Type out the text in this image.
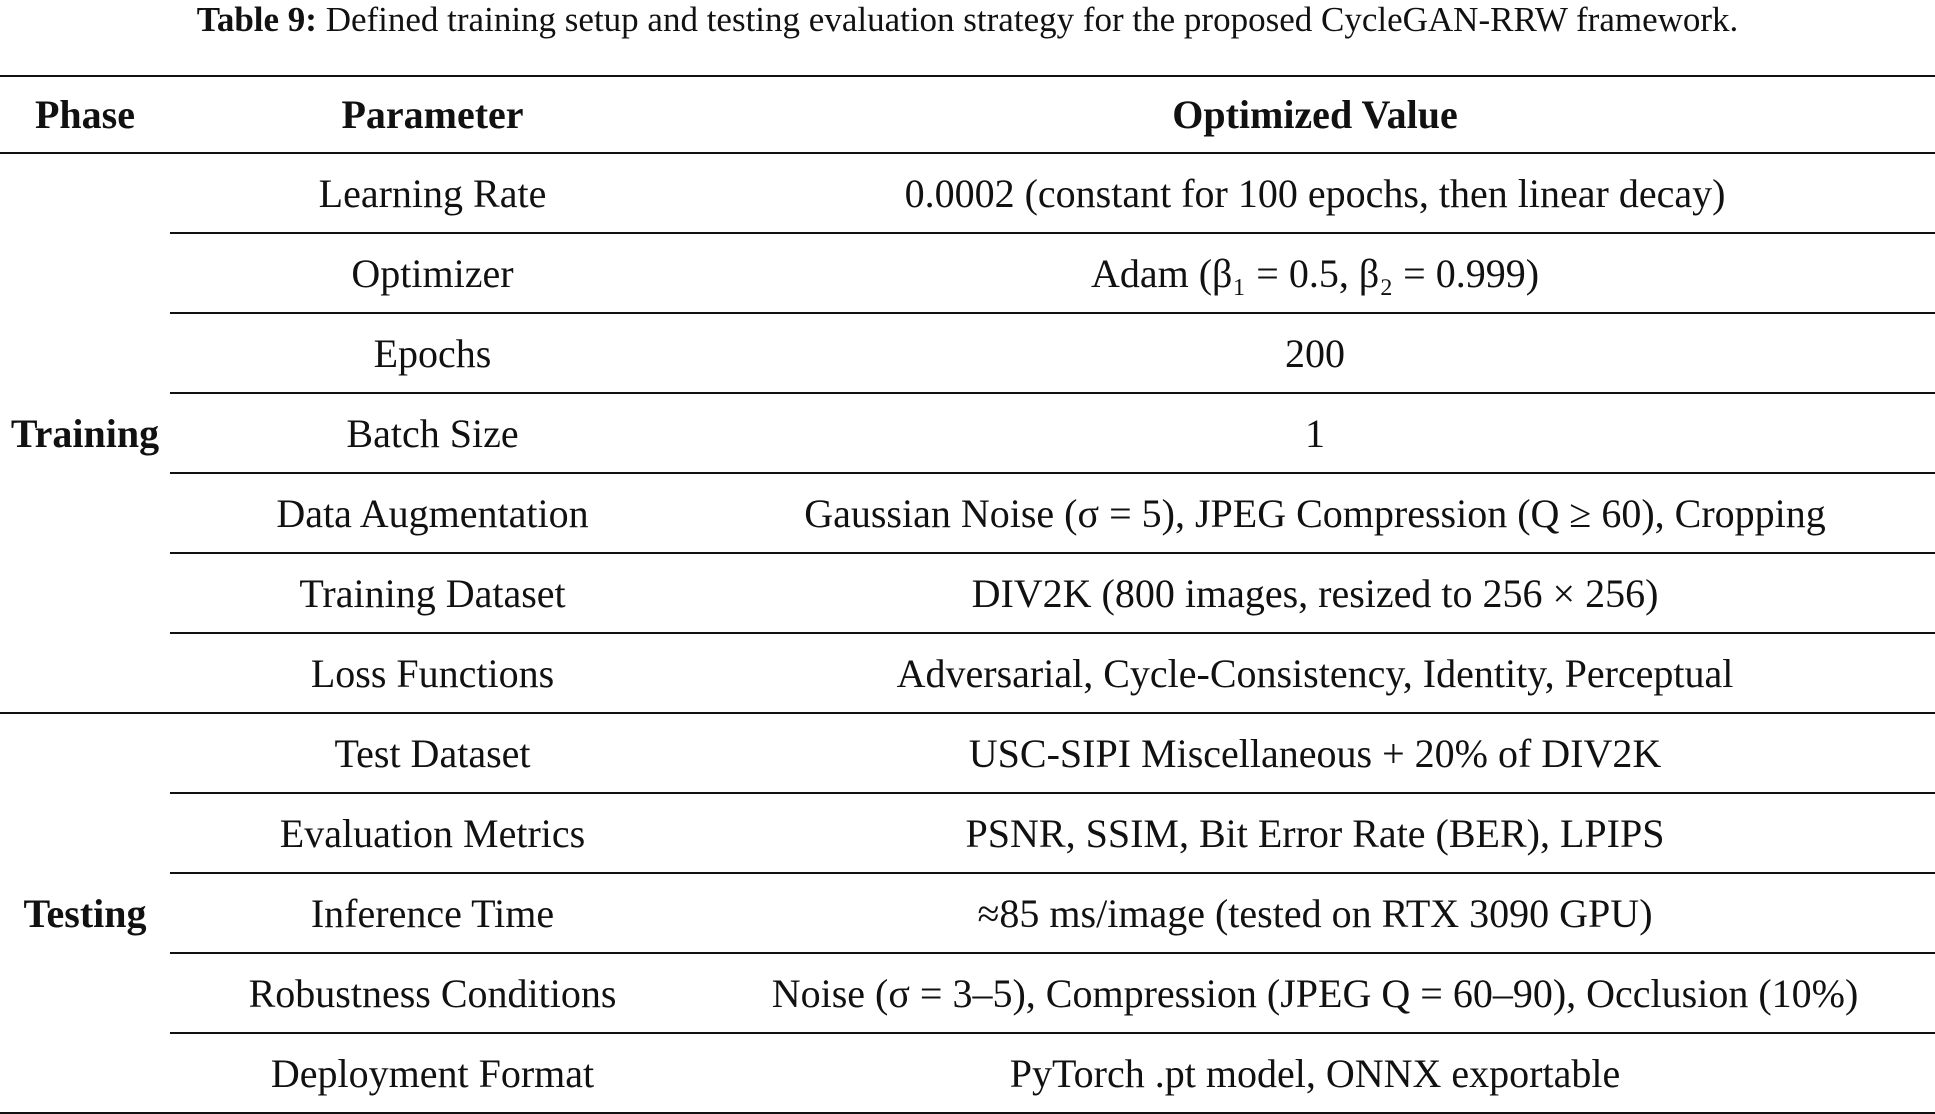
Table 9: Defined training setup and testing evaluation strategy for the proposed CycleGAN-RRW framework.
Phase	Parameter	Optimized Value
Training	Learning Rate	0.0002 (constant for 100 epochs, then linear decay)
	Optimizer	Adam (β₁ = 0.5, β₂ = 0.999)
	Epochs	200
	Batch Size	1
	Data Augmentation	Gaussian Noise (σ = 5), JPEG Compression (Q ≥ 60), Cropping
	Training Dataset	DIV2K (800 images, resized to 256 × 256)
	Loss Functions	Adversarial, Cycle-Consistency, Identity, Perceptual
Testing	Test Dataset	USC-SIPI Miscellaneous + 20% of DIV2K
	Evaluation Metrics	PSNR, SSIM, Bit Error Rate (BER), LPIPS
	Inference Time	≈85 ms/image (tested on RTX 3090 GPU)
	Robustness Conditions	Noise (σ = 3–5), Compression (JPEG Q = 60–90), Occlusion (10%)
	Deployment Format	PyTorch .pt model, ONNX exportable
